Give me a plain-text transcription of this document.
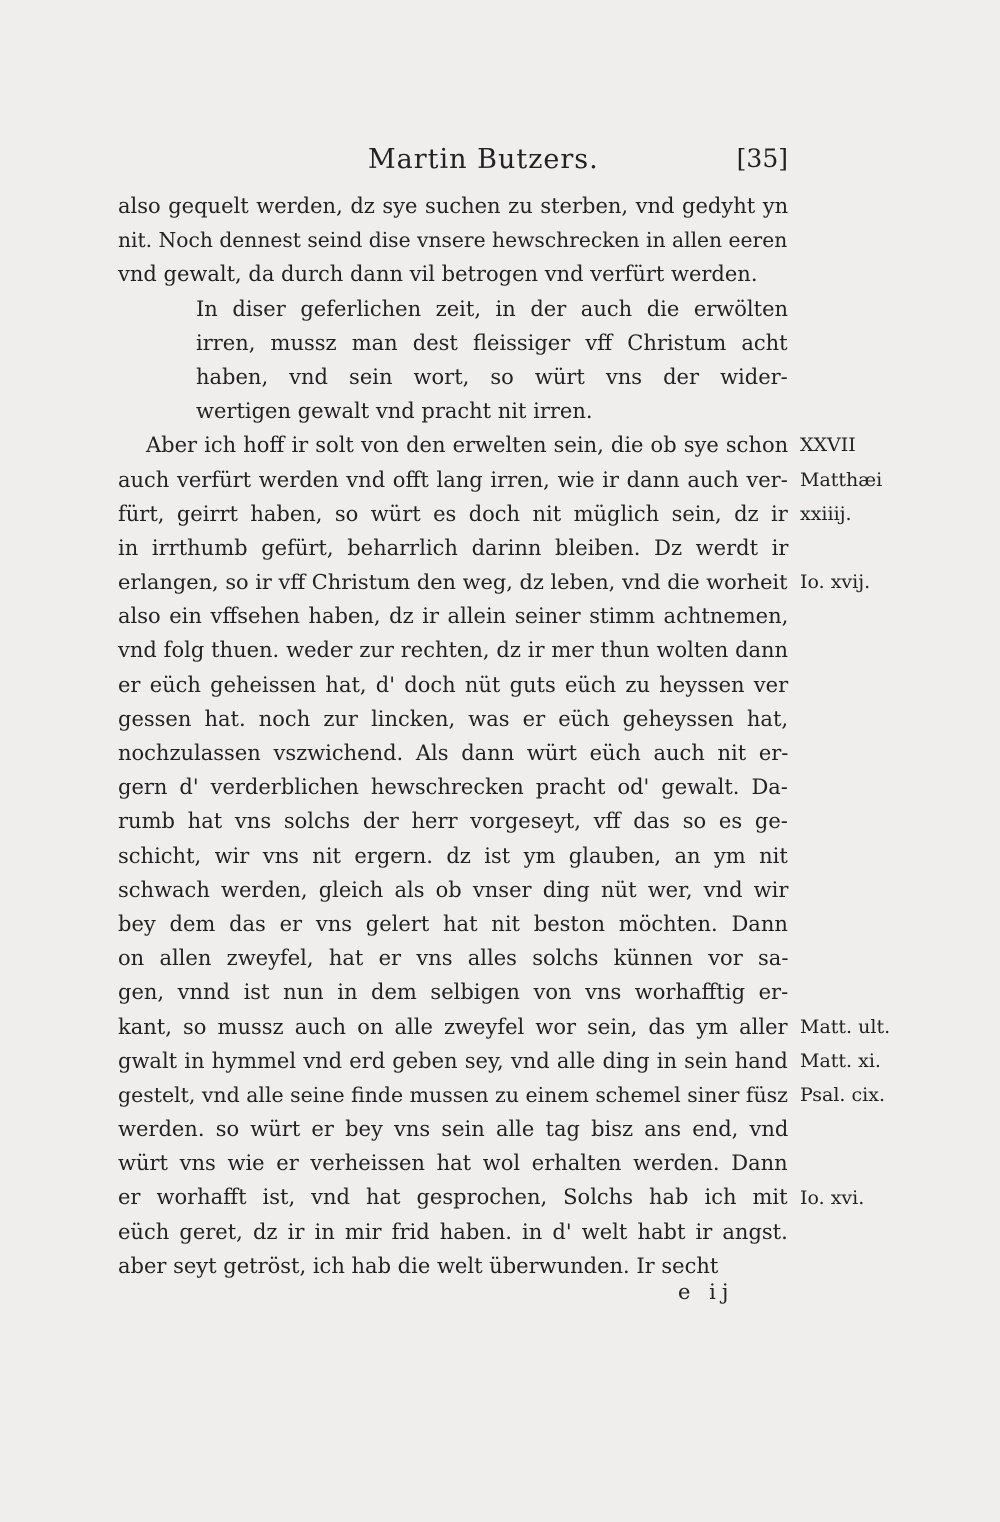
Martin Butzers.	[35]
also gequelt werden, dz sye suchen zu sterben, vnd gedyht yn
nit. Noch dennest seind dise vnsere hewschrecken in allen eeren
vnd gewalt, da durch dann vil betrogen vnd verfürt werden.
In diser geferlichen zeit, in der auch die erwölten
irren, mussz man dest fleissiger vff Christum acht
haben, vnd sein wort, so würt vns der wider-
wertigen gewalt vnd pracht nit irren.
Aber ich hoff ir solt von den erwelten sein, die ob sye schon
auch verfürt werden vnd offt lang irren, wie ir dann auch ver-
fürt, geirrt haben, so würt es doch nit müglich sein, dz ir
in irrthumb gefürt, beharrlich darinn bleiben. Dz werdt ir
erlangen, so ir vff Christum den weg, dz leben, vnd die worheit
also ein vffsehen haben, dz ir allein seiner stimm achtnemen,
vnd folg thuen. weder zur rechten, dz ir mer thun wolten dann
er eüch geheissen hat, d' doch nüt guts eüch zu heyssen ver
gessen hat. noch zur lincken, was er eüch geheyssen hat,
nochzulassen vszwichend. Als dann würt eüch auch nit er-
gern d' verderblichen hewschrecken pracht od' gewalt. Da-
rumb hat vns solchs der herr vorgeseyt, vff das so es ge-
schicht, wir vns nit ergern. dz ist ym glauben, an ym nit
schwach werden, gleich als ob vnser ding nüt wer, vnd wir
bey dem das er vns gelert hat nit beston möchten. Dann
on allen zweyfel, hat er vns alles solchs künnen vor sa-
gen, vnnd ist nun in dem selbigen von vns worhafftig er-
kant, so mussz auch on alle zweyfel wor sein, das ym aller
gwalt in hymmel vnd erd geben sey, vnd alle ding in sein hand
gestelt, vnd alle seine finde mussen zu einem schemel siner füsz
werden. so würt er bey vns sein alle tag bisz ans end, vnd
würt vns wie er verheissen hat wol erhalten werden. Dann
er worhafft ist, vnd hat gesprochen, Solchs hab ich mit
eüch geret, dz ir in mir frid haben. in d' welt habt ir angst.
aber seyt getröst, ich hab die welt überwunden. Ir secht
XXVII
Matthæi
xxiiij.
Io. xvij.
Matt. ult.
Matt. xi.
Psal. cix.
Io. xvi.
e ij
